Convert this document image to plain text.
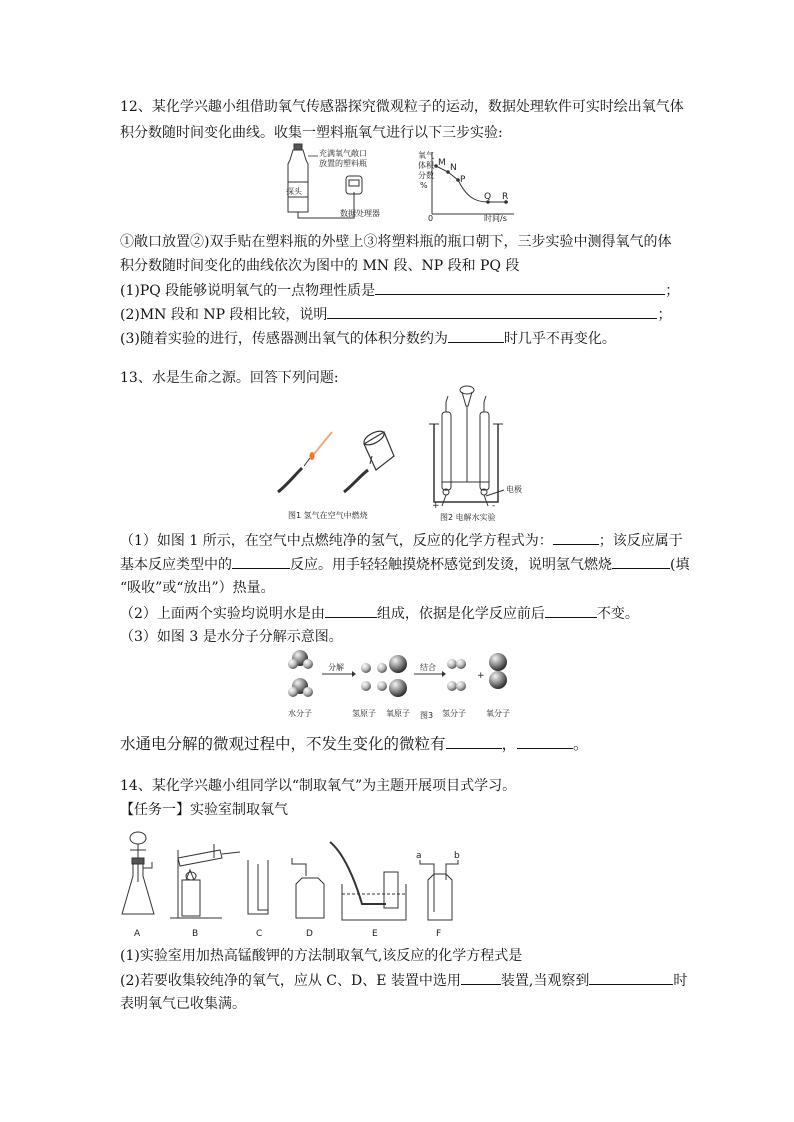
12、某化学兴趣小组借助氧气传感器探究微观粒子的运动，数据处理软件可实时绘出氧气体
积分数随时间变化曲线。收集一塑料瓶氧气进行以下三步实验:
探头
充满氧气敞口
放置的塑料瓶
数据处理器
氧气
体积
分数
%
0	时间/s
M N
P
Q R
①敞口放置②)双手贴在塑料瓶的外壁上③将塑料瓶的瓶口朝下，三步实验中测得氧气的体
积分数随时间变化的曲线依次为图中的 MN 段、NP 段和 PQ 段
(1)PQ 段能够说明氧气的一点物理性质是	；
(2)MN 段和 NP 段相比较，说明	；
(3)随着实验的进行，传感器测出氧气的体积分数约为	时几乎不再变化。
13、水是生命之源。回答下列问题:
图1 氢气在空气中燃烧
+	-
电极
图2 电解水实验
（1）如图 1 所示，在空气中点燃纯净的氢气，反应的化学方程式为：	；该反应属于
基本反应类型中的	反应。用手轻轻触摸烧杯感觉到发烫，说明氢气燃烧	(填
“吸收”或“放出”）热量。
（2）上面两个实验均说明水是由	组成，依据是化学反应前后	不变。
（3）如图 3 是水分子分解示意图。
分解	结合
+
水分子	氢原子 氧原子 图3 氢分子	氧分子
水通电分解的微观过程中，不发生变化的微粒有	，	。
14、某化学兴趣小组同学以“制取氧气”为主题开展项目式学习。
【任务一】实验室制取氧气
a	b
A	B	C	D	E	F
(1)实验室用加热高锰酸钾的方法制取氧气,该反应的化学方程式是
(2)若要收集较纯净的氧气，应从 C、D、E 装置中选用	装置,当观察到	时
表明氧气已收集满。
